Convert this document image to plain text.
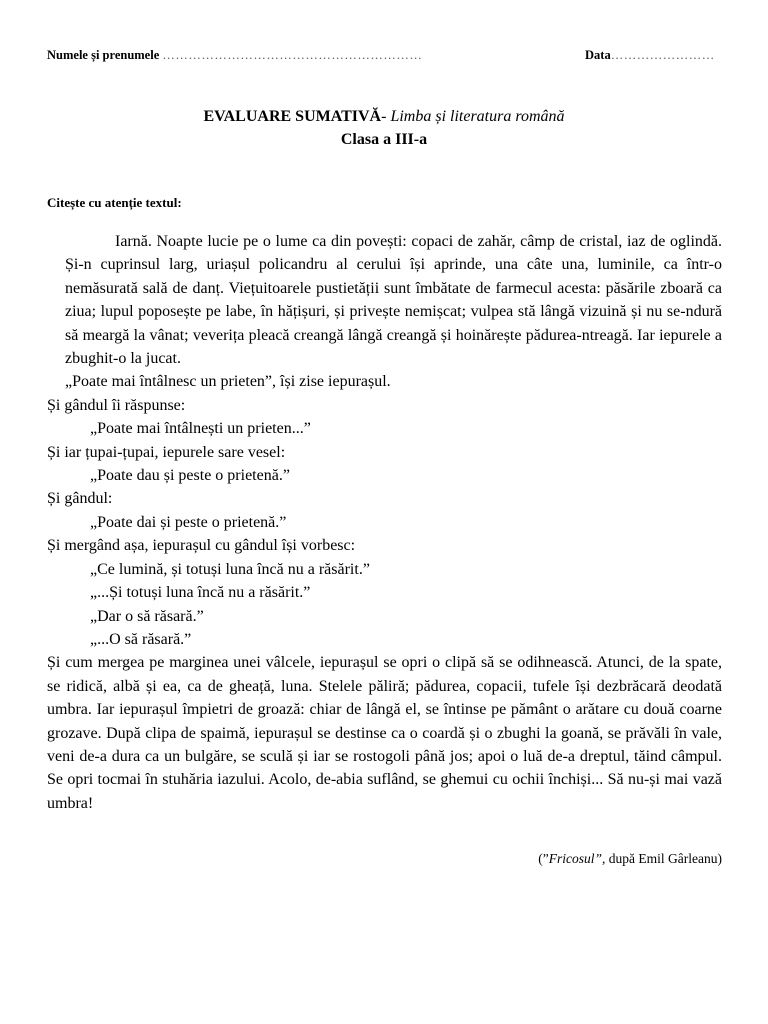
Numele și prenumele ……………………………………………………	Data……………………
EVALUARE SUMATIVĂ- Limba și literatura română
Clasa a III-a
Citește cu atenție textul:

Iarnă. Noapte lucie pe o lume ca din povești: copaci de zahăr, câmp de cristal, iaz de oglindă. Și-n cuprinsul larg, uriașul policandru al cerului își aprinde, una câte una, luminile, ca într-o nemăsurată sală de danț. Viețuitoarele pustietății sunt îmbătate de farmecul acesta: păsările zboară ca ziua; lupul poposește pe labe, în hățișuri, și privește nemișcat; vulpea stă lângă vizuină și nu se-ndură să meargă la vânat; veverița pleacă creangă lângă creangă și hoinărește pădurea-ntreagă. Iar iepurele a zbughit-o la jucat.

„Poate mai întâlnesc un prieten”, își zise iepurașul.

Și gândul îi răspunse:

„Poate mai întâlnești un prieten...”

Și iar țupai-țupai, iepurele sare vesel:

„Poate dau și peste o prietenă.”

Și gândul:

„Poate dai și peste o prietenă.”

Și mergând așa, iepurașul cu gândul își vorbesc:

„Ce lumină, și totuși luna încă nu a răsărit.”

„...Și totuși luna încă nu a răsărit.”

„Dar o să răsară.”

„...O să răsară.”

Și cum mergea pe marginea unei vâlcele, iepurașul se opri o clipă să se odihnească. Atunci, de la spate, se ridică, albă și ea, ca de gheață, luna. Stelele păliră; pădurea, copacii, tufele își dezbrăcară deodată umbra. Iar iepurașul împietri de groază: chiar de lângă el, se întinse pe pământ o arătare cu două coarne grozave. După clipa de spaimă, iepurașul se destinse ca o coardă și o zbughi la goană, se prăvăli în vale, veni de-a dura ca un bulgăre, se sculă și iar se rostogoli până jos; apoi o luă de-a dreptul, tăind câmpul. Se opri tocmai în stuhăria iazului. Acolo, de-abia suflând, se ghemui cu ochii închiși... Să nu-și mai vază umbra!

(”Fricosul”, după Emil Gârleanu)
